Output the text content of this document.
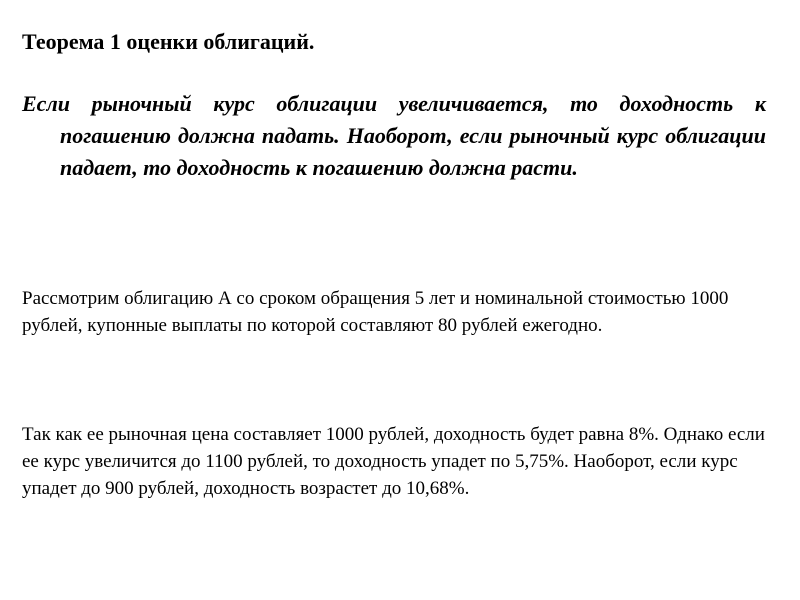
Теорема 1 оценки облигаций.
Если рыночный курс облигации увеличивается, то доходность к погашению должна падать. Наоборот, если рыночный курс облигации падает, то доходность к погашению должна расти.
Рассмотрим облигацию А со сроком обращения 5 лет и номинальной стоимостью 1000 рублей, купонные выплаты по которой составляют 80 рублей ежегодно.
Так как ее рыночная цена составляет 1000 рублей, доходность будет равна 8%. Однако если ее курс увеличится до 1100 рублей, то доходность упадет по 5,75%. Наоборот, если курс упадет до 900 рублей, доходность возрастет до 10,68%.
